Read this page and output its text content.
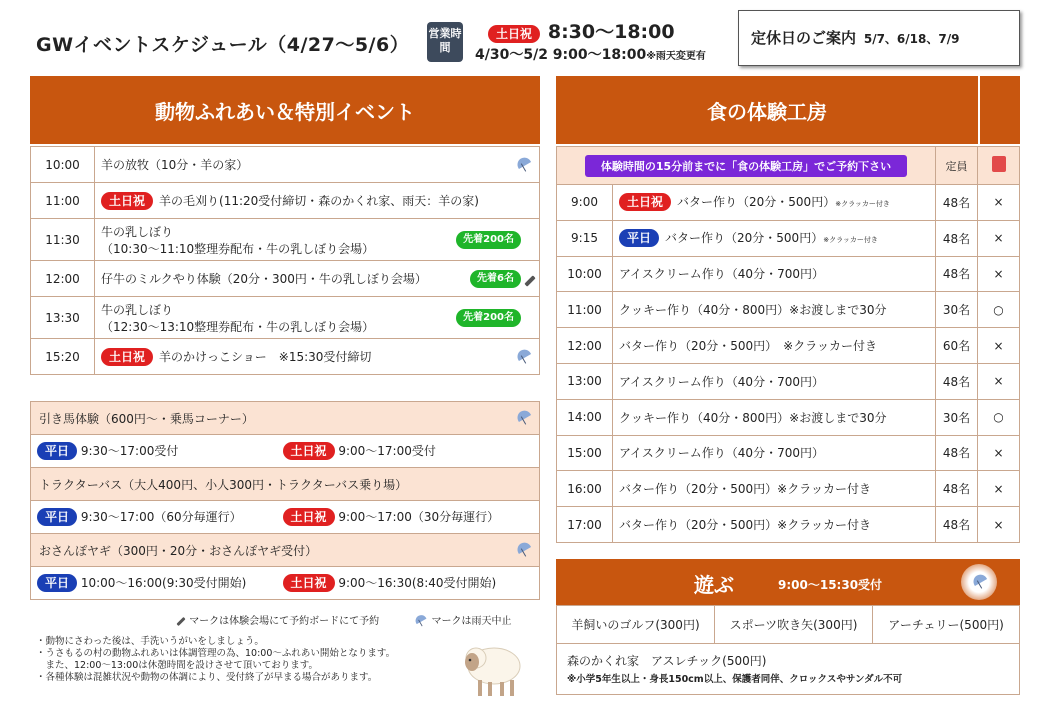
GWイベントスケジュール（4/27〜5/6）
営業時間
土日祝 8:30〜18:00
4/30〜5/2 9:00〜18:00※雨天変更有
定休日のご案内 5/7、6/18、7/9
動物ふれあい＆特別イベント
10:00	羊の放牧（10分・羊の家）

11:00	土日祝 羊の毛刈り(11:20受付締切・森のかくれ家、雨天：羊の家)
11:30	牛の乳しぼり
（10:30〜11:10整理券配布・牛の乳しぼり会場）
先着200名

12:00	仔牛のミルクやり体験（20分・300円・牛の乳しぼり会場） 先着6名

13:30	牛の乳しぼり
（12:30〜13:10整理券配布・牛の乳しぼり会場）
先着200名

15:20	土日祝 羊のかけっこショー　※15:30受付締切
引き馬体験（600円〜・乗馬コーナー）	

平日 9:30〜17:00受付	土日祝 9:00〜17:00受付
トラクターバス（大人400円、小人300円・トラクターバス乗り場）	
平日 9:30〜17:00（60分毎運行）	土日祝 9:00〜17:00（30分毎運行）
おさんぽヤギ（300円・20分・おさんぽヤギ受付）	

平日 10:00〜16:00(9:30受付開始)	土日祝 9:00〜16:30(8:40受付開始)
マークは体験会場にて予約ボードにて予約	マークは雨天中止
・動物にさわった後は、手洗いうがいをしましょう。
・うさもるの村の動物ふれあいは体調管理の為、10:00〜ふれあい開始となります。
　また、12:00〜13:00は休憩時間を設けさせて頂いております。
・各種体験は混雑状況や動物の体調により、受付終了が早まる場合があります。
食の体験工房
体験時間の15分前までに「食の体験工房」でご予約下さい		定員	
9:00	土日祝 バター作り（20分・500円）※クラッカー付き	48名	×
9:15	平日 バター作り（20分・500円）※クラッカー付き	48名	×
10:00	アイスクリーム作り（40分・700円）	48名	×
11:00	クッキー作り（40分・800円）※お渡しまで30分	30名	○
12:00	バター作り（20分・500円）　※クラッカー付き	60名	×
13:00	アイスクリーム作り（40分・700円）	48名	×
14:00	クッキー作り（40分・800円）※お渡しまで30分	30名	○
15:00	アイスクリーム作り（40分・700円）	48名	×
16:00	バター作り（20分・500円）※クラッカー付き	48名	×
17:00	バター作り（20分・500円）※クラッカー付き	48名	×
遊ぶ	9:00〜15:30受付
羊飼いのゴルフ(300円)	スポーツ吹き矢(300円)	アーチェリー(500円)
森のかくれ家　アスレチック(500円)
※小学5年生以上・身長150cm以上、保護者同伴、クロックスやサンダル不可
